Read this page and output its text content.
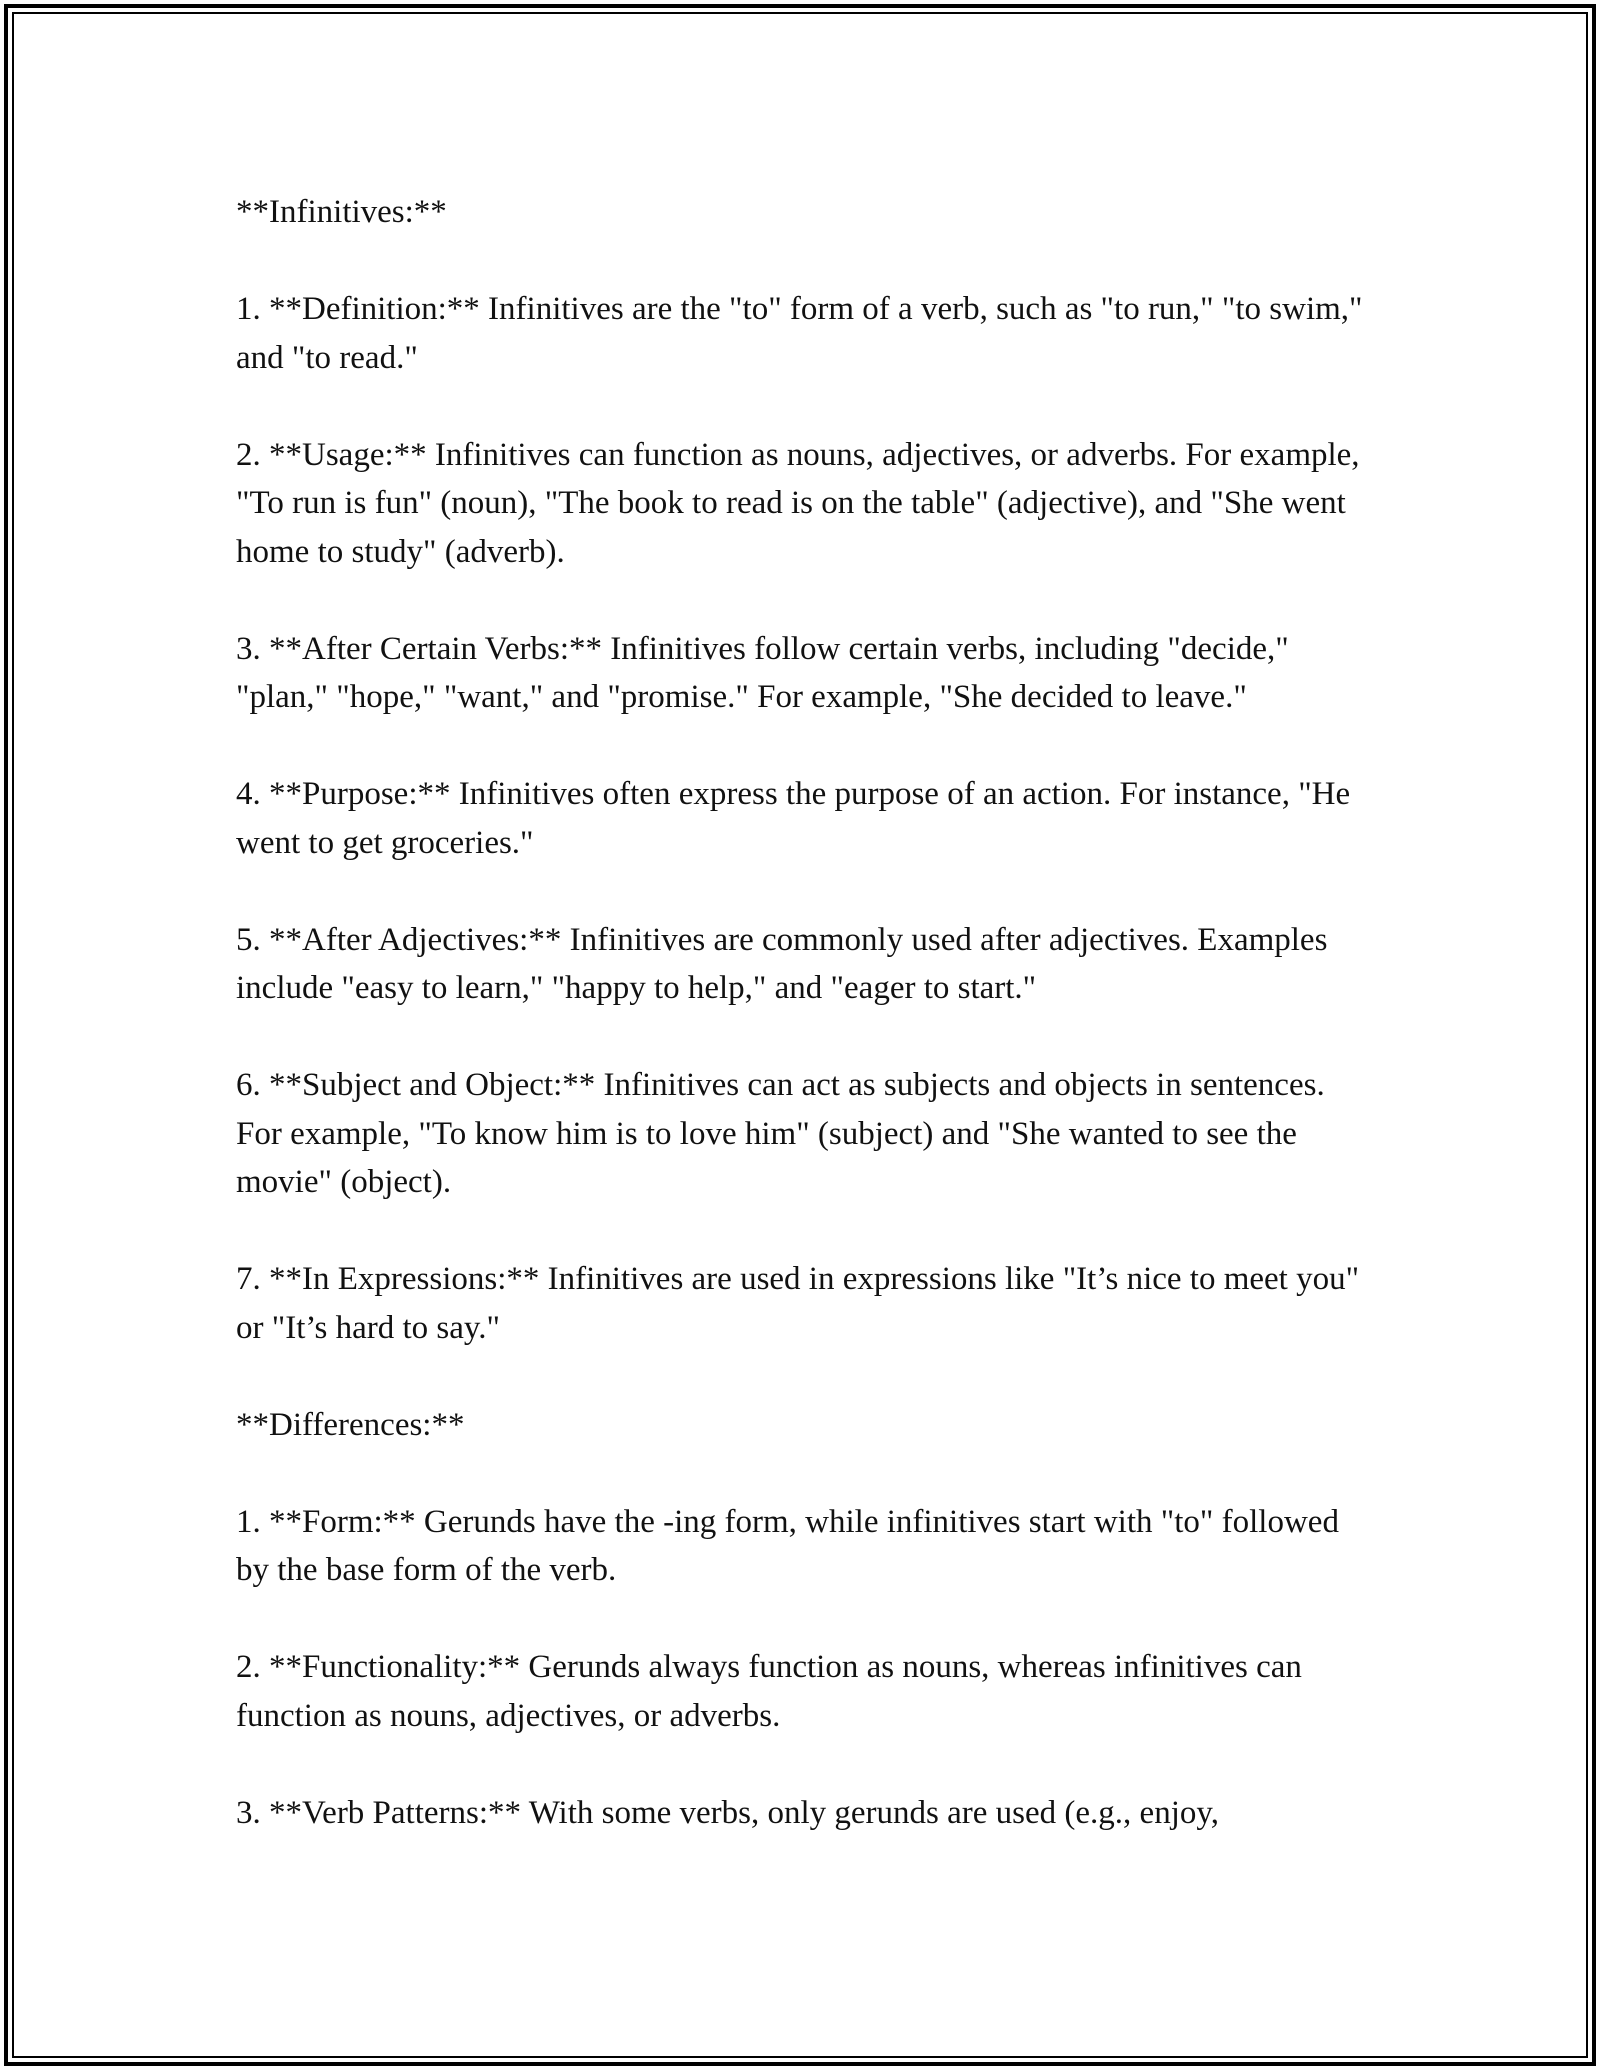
**Infinitives:**

1. **Definition:** Infinitives are the "to" form of a verb, such as "to run," "to swim," and "to read."

2. **Usage:** Infinitives can function as nouns, adjectives, or adverbs. For example, "To run is fun" (noun), "The book to read is on the table" (adjective), and "She went home to study" (adverb).

3. **After Certain Verbs:** Infinitives follow certain verbs, including "decide," "plan," "hope," "want," and "promise." For example, "She decided to leave."

4. **Purpose:** Infinitives often express the purpose of an action. For instance, "He went to get groceries."

5. **After Adjectives:** Infinitives are commonly used after adjectives. Examples include "easy to learn," "happy to help," and "eager to start."

6. **Subject and Object:** Infinitives can act as subjects and objects in sentences. For example, "To know him is to love him" (subject) and "She wanted to see the movie" (object).

7. **In Expressions:** Infinitives are used in expressions like "It’s nice to meet you" or "It’s hard to say."

**Differences:**

1. **Form:** Gerunds have the -ing form, while infinitives start with "to" followed by the base form of the verb.

2. **Functionality:** Gerunds always function as nouns, whereas infinitives can function as nouns, adjectives, or adverbs.

3. **Verb Patterns:** With some verbs, only gerunds are used (e.g., enjoy,
